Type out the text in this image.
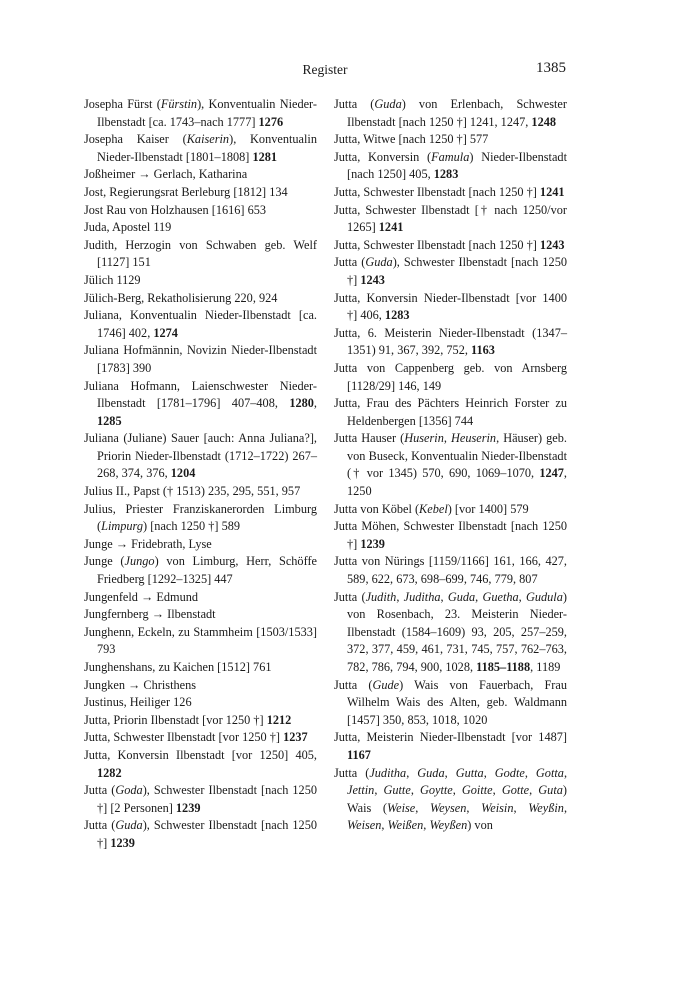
Register	1385

Josepha Fürst (Fürstin), Konventualin Nieder-Ilbenstadt [ca. 1743–nach 1777] 1276

Josepha Kaiser (Kaiserin), Konventualin Nieder-Ilbenstadt [1801–1808] 1281

Joßheimer → Gerlach, Katharina

Jost, Regierungsrat Berleburg [1812] 134

Jost Rau von Holzhausen [1616] 653

Juda, Apostel 119

Judith, Herzogin von Schwaben geb. Welf [1127] 151

Jülich 1129

Jülich-Berg, Rekatholisierung 220, 924

Juliana, Konventualin Nieder-Ilbenstadt [ca. 1746] 402, 1274

Juliana Hofmännin, Novizin Nieder-Ilbenstadt [1783] 390

Juliana Hofmann, Laienschwester Nieder-Ilbenstadt [1781–1796] 407–408, 1280, 1285

Juliana (Juliane) Sauer [auch: Anna Juliana?], Priorin Nieder-Ilbenstadt (1712–1722) 267–268, 374, 376, 1204

Julius II., Papst († 1513) 235, 295, 551, 957

Julius, Priester Franziskanerorden Limburg (Limpurg) [nach 1250 †] 589

Junge → Fridebrath, Lyse

Junge (Jungo) von Limburg, Herr, Schöffe Friedberg [1292–1325] 447

Jungenfeld → Edmund

Jungfernberg → Ilbenstadt

Junghenn, Eckeln, zu Stammheim [1503/1533] 793

Junghenshans, zu Kaichen [1512] 761

Jungken → Christhens

Justinus, Heiliger 126

Jutta, Priorin Ilbenstadt [vor 1250 †] 1212

Jutta, Schwester Ilbenstadt [vor 1250 †] 1237

Jutta, Konversin Ilbenstadt [vor 1250] 405, 1282

Jutta (Goda), Schwester Ilbenstadt [nach 1250 †] [2 Personen] 1239

Jutta (Guda), Schwester Ilbenstadt [nach 1250 †] 1239

Jutta (Guda) von Erlenbach, Schwester Ilbenstadt [nach 1250 †] 1241, 1247, 1248

Jutta, Witwe [nach 1250 †] 577

Jutta, Konversin (Famula) Nieder-Ilbenstadt [nach 1250] 405, 1283

Jutta, Schwester Ilbenstadt [nach 1250 †] 1241

Jutta, Schwester Ilbenstadt [† nach 1250/vor 1265] 1241

Jutta, Schwester Ilbenstadt [nach 1250 †] 1243

Jutta (Guda), Schwester Ilbenstadt [nach 1250 †] 1243

Jutta, Konversin Nieder-Ilbenstadt [vor 1400 †] 406, 1283

Jutta, 6. Meisterin Nieder-Ilbenstadt (1347–1351) 91, 367, 392, 752, 1163

Jutta von Cappenberg geb. von Arnsberg [1128/29] 146, 149

Jutta, Frau des Pächters Heinrich Forster zu Heldenbergen [1356] 744

Jutta Hauser (Huserin, Heuserin, Häuser) geb. von Buseck, Konventualin Nieder-Ilbenstadt († vor 1345) 570, 690, 1069–1070, 1247, 1250

Jutta von Köbel (Kebel) [vor 1400] 579

Jutta Möhen, Schwester Ilbenstadt [nach 1250 †] 1239

Jutta von Nürings [1159/1166] 161, 166, 427, 589, 622, 673, 698–699, 746, 779, 807

Jutta (Judith, Juditha, Guda, Guetha, Gudula) von Rosenbach, 23. Meisterin Nieder-Ilbenstadt (1584–1609) 93, 205, 257–259, 372, 377, 459, 461, 731, 745, 757, 762–763, 782, 786, 794, 900, 1028, 1185–1188, 1189

Jutta (Gude) Wais von Fauerbach, Frau Wilhelm Wais des Alten, geb. Waldmann [1457] 350, 853, 1018, 1020

Jutta, Meisterin Nieder-Ilbenstadt [vor 1487] 1167

Jutta (Juditha, Guda, Gutta, Godte, Gotta, Jettin, Gutte, Goytte, Goitte, Gotte, Guta) Wais (Weise, Weysen, Weisin, Weyßin, Weisen, Weißen, Weyßen) von
